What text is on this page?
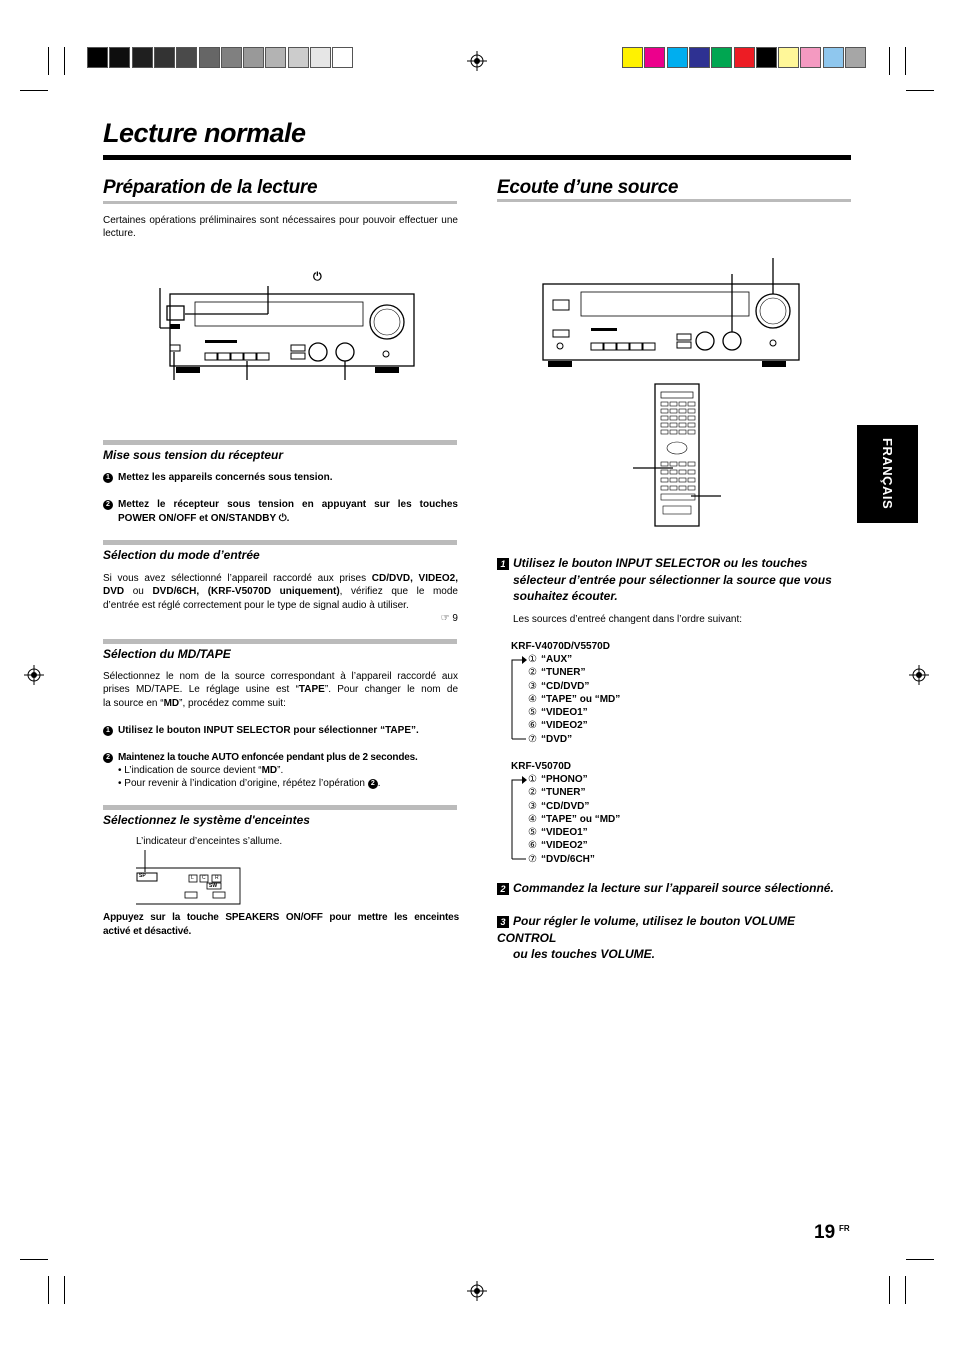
Lecture normale
Préparation de la lecture
Certaines opérations préliminaires sont nécessaires pour pouvoir effectuer une lecture.
⏻
Mise sous tension du récepteur
1 Mettez les appareils concernés sous tension.
2 Mettez le récepteur sous tension en appuyant sur les touches
POWER ON/OFF et ON/STANDBY ⏻.
Sélection du mode d’entrée
Si vous avez sélectionné l’appareil raccordé aux prises CD/DVD, VIDEO2,
DVD ou DVD/6CH, (KRF-V5070D uniquement), vérifiez que le mode
d’entrée est réglé correctement pour le type de signal audio à utiliser.
☞ 9
Sélection du MD/TAPE
Sélectionnez le nom de la source correspondant à l’appareil raccordé aux
prises MD/TAPE. Le réglage usine est “TAPE”. Pour changer le nom de
la source en “MD”, procédez comme suit:
1 Utilisez le bouton INPUT SELECTOR pour sélectionner “TAPE”.
2 Maintenez la touche AUTO enfoncée pendant plus de 2 secondes.
• L’indication de source devient “MD”.
• Pour revenir à l’indication d’origine, répétez l’opération 2 .
Sélectionnez le système d'enceintes
L’indicateur d’enceintes s’allume.
SP	L C R
SW
Appuyez sur la touche SPEAKERS ON/OFF pour mettre les enceintes
activé et désactivé.
Ecoute d’une source
1 Utilisez le bouton INPUT SELECTOR ou les touches
sélecteur d’entrée pour sélectionner la source que vous
souhaitez écouter.
Les sources d’entreé changent dans l’ordre suivant:
KRF-V4070D/V5570D
① “AUX”
② “TUNER”
③ “CD/DVD”
④ “TAPE” ou “MD”
⑤ “VIDEO1”
⑥ “VIDEO2”
⑦ “DVD”
KRF-V5070D
① “PHONO”
② “TUNER”
③ “CD/DVD”
④ “TAPE” ou “MD”
⑤ “VIDEO1”
⑥ “VIDEO2”
⑦ “DVD/6CH”
2 Commandez la lecture sur l’appareil source sélectionné.
3 Pour régler le volume, utilisez le bouton VOLUME CONTROL
ou les touches VOLUME.
FRANÇAIS
19 FR
